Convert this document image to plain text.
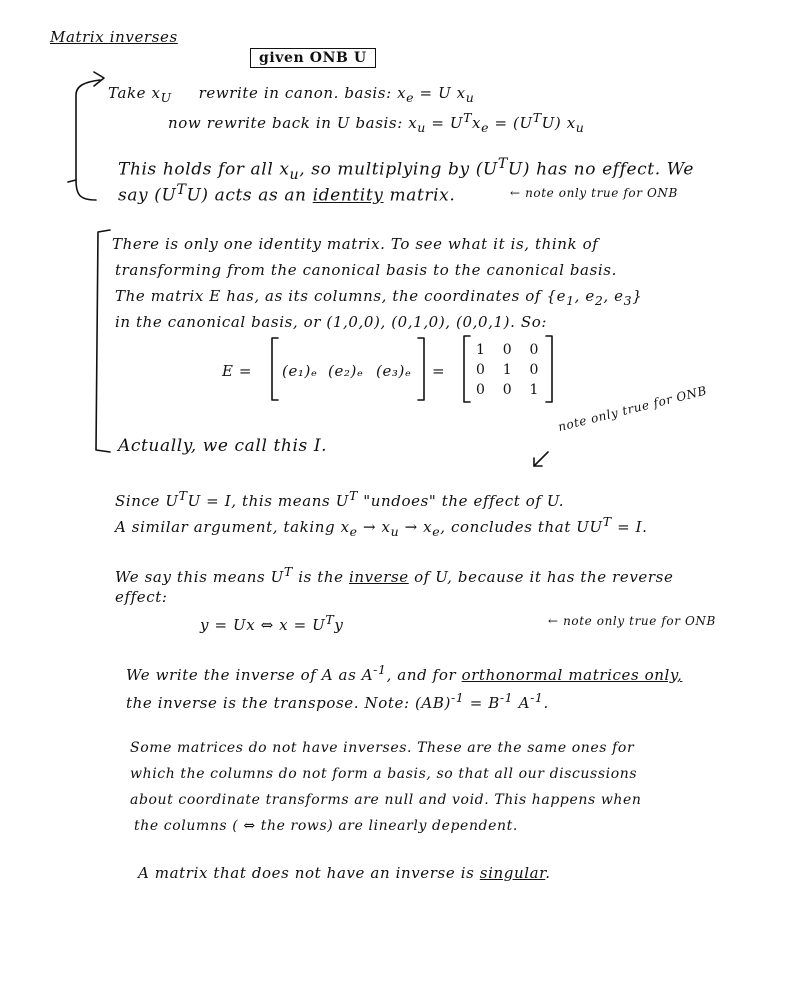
Matrix inverses
given ONB U
Take $x_U$ rewrite in canon. basis: $x_e = U$ $x_u$
now rewrite back in U basis: $x_u = U^Tx_e = (U^TU)$ $x_u$
This holds for all $x_u$, so multiplying by $(U^TU)$ has no effect. We
say $(U^TU)$ acts as an identity matrix.	← note only true for ONB
There is only one identity matrix. To see what it is, think of
transforming from the canonical basis to the canonical basis.
The matrix E has, as its columns, the coordinates of {$e_1$, $e_2$, $e_3$}
in the canonical basis, or (1,0,0), (0,1,0), (0,0,1). So:
E = (e₁)ₑ (e₂)ₑ (e₃)ₑ =
1 0 0
0 1 0
0 0 1
Actually, we call this I.
note only true for ONB
Since $U^TU = I$, this means $U^T$ "undoes" the effect of U.
A similar argument, taking $x_e \to x_u \to x_e$, concludes that $UU^T = I$.
We say this means $U^T$ is the inverse of U, because it has the reverse
effect:
y = Ux ⇔ $x = U^Ty$	← note only true for ONB
We write the inverse of A as $A^{-1}$, and for orthonormal matrices only,
the inverse is the transpose. Note: $(AB)^{-1} = B^{-1}$ $A^{-1}$.
Some matrices do not have inverses. These are the same ones for
which the columns do not form a basis, so that all our discussions
about coordinate transforms are null and void. This happens when
the columns ( ⇔ the rows) are linearly dependent.
A matrix that does not have an inverse is singular.
